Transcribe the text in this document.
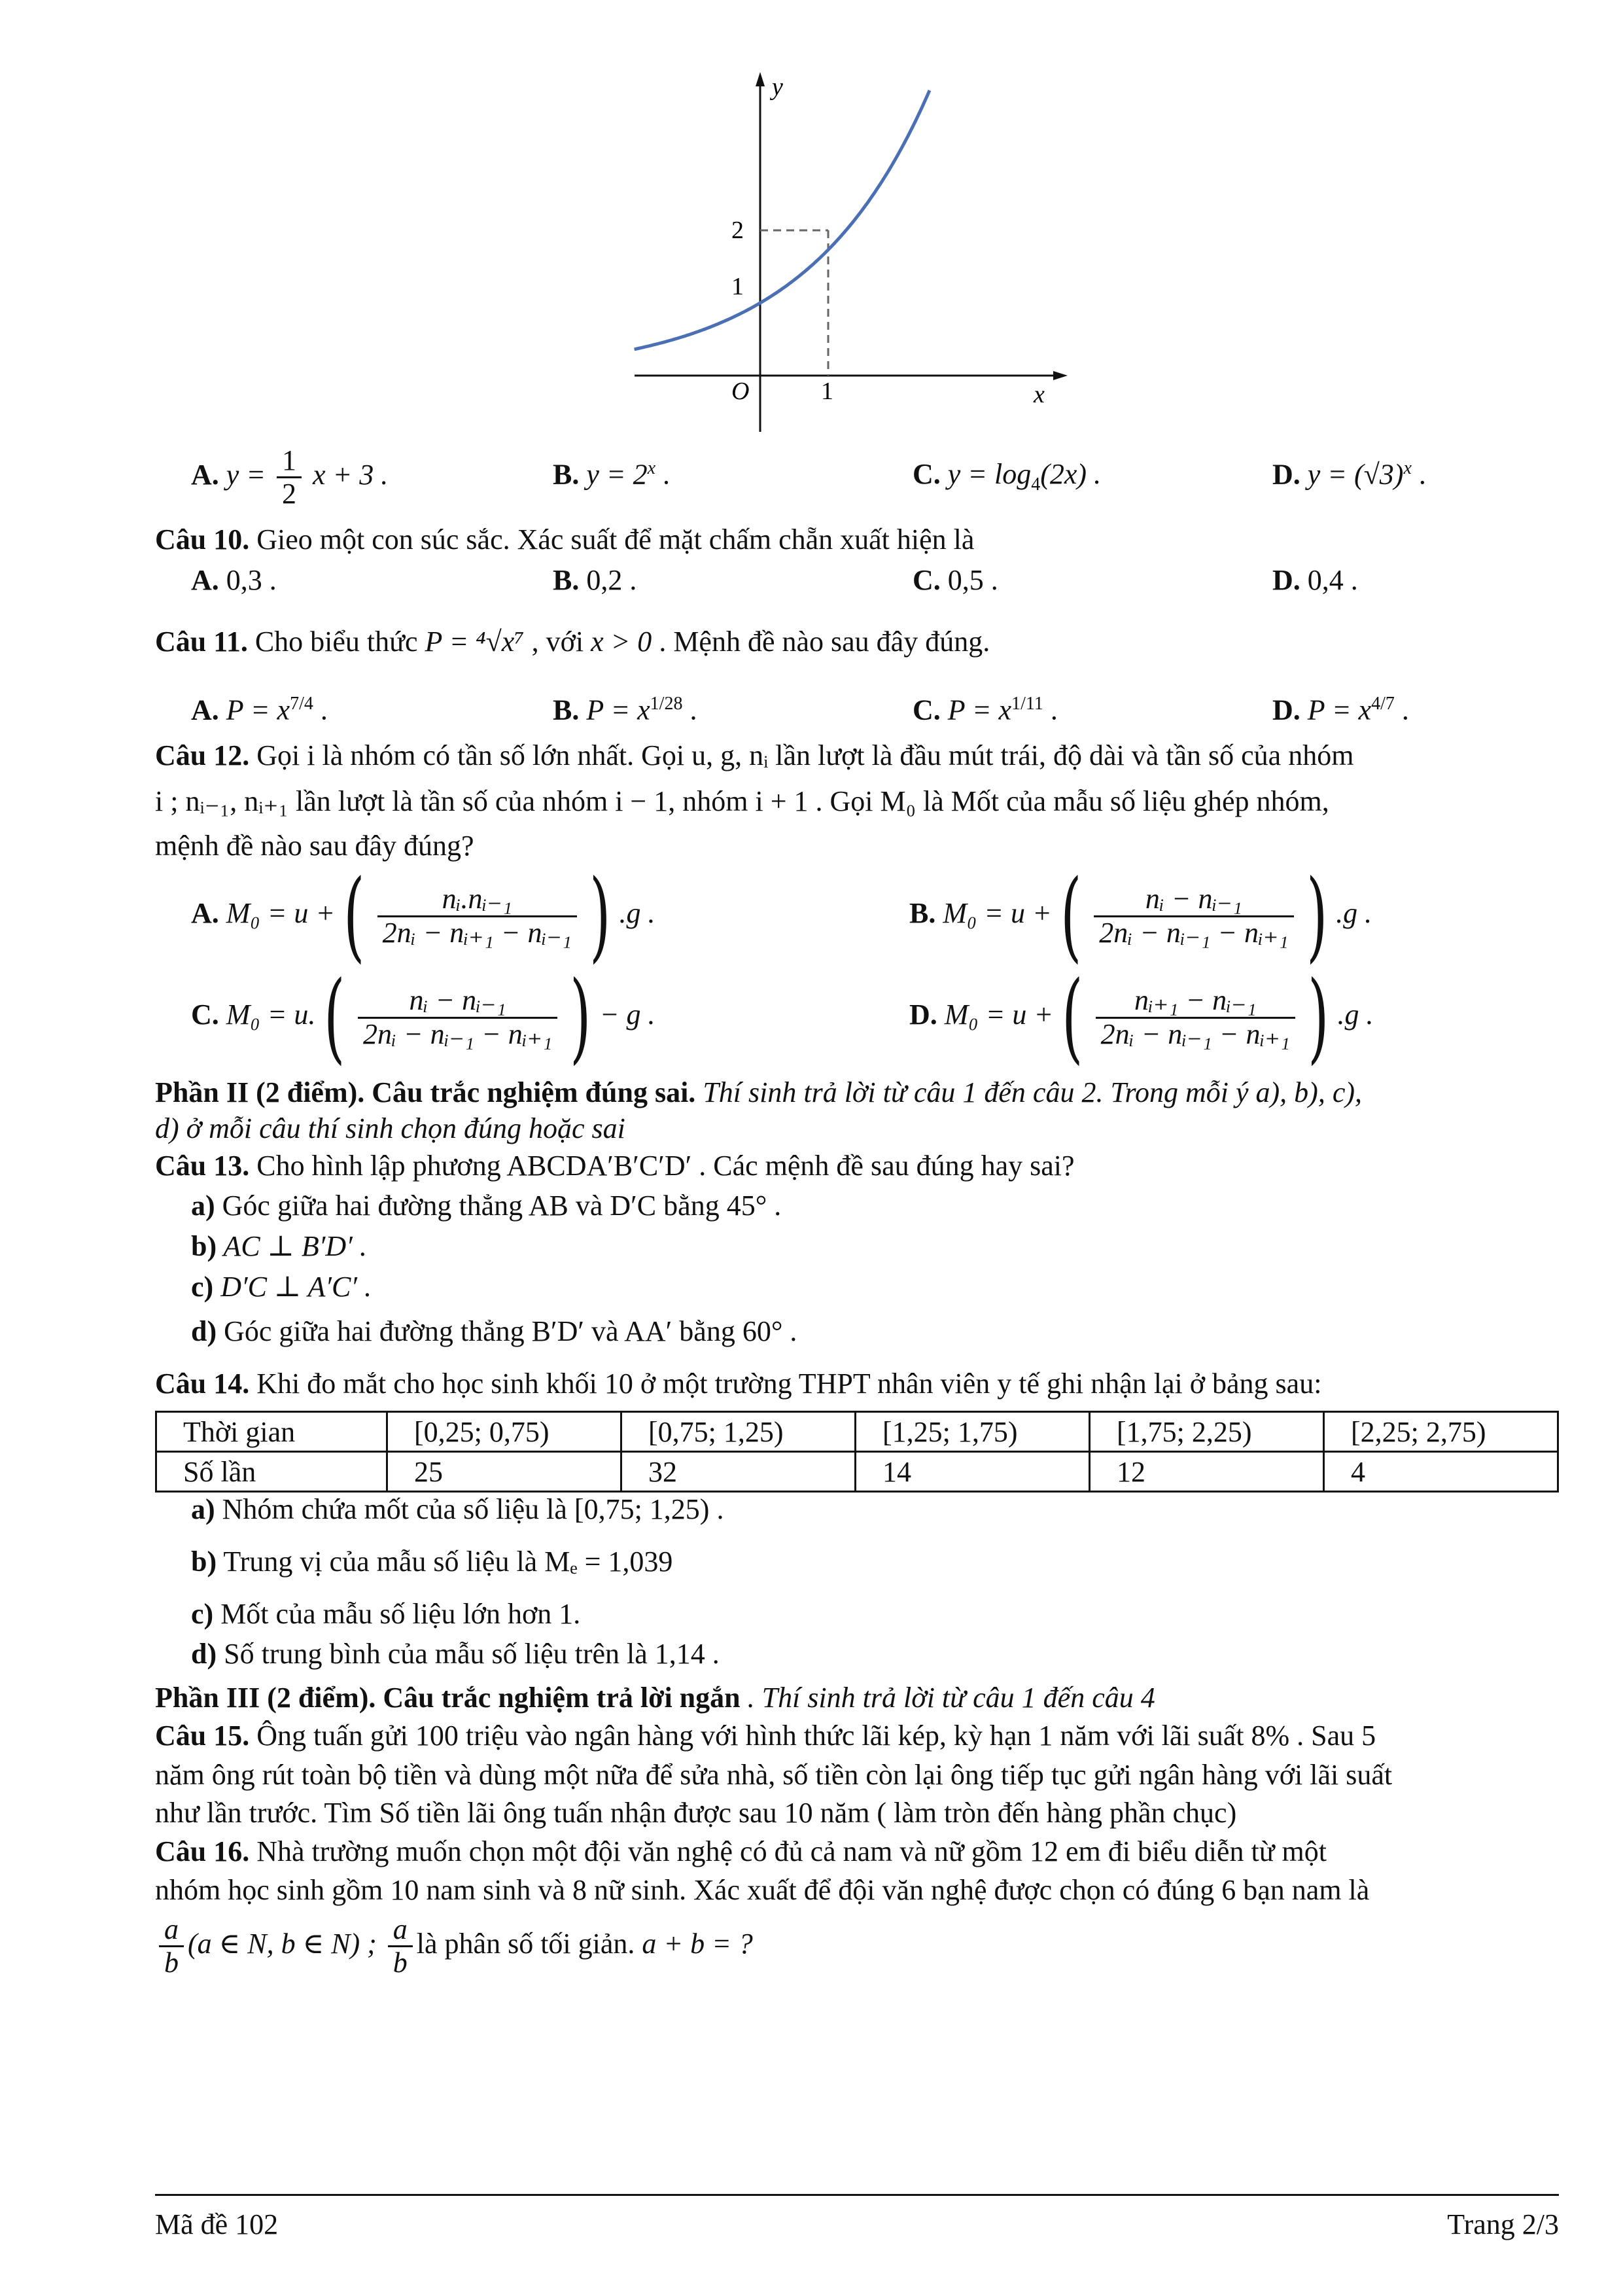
y
x
O
2
1
1
A. $y = \frac{1}{2}$ x + 3 .	B. $y = 2^x$ .	C. $y = \log_4(2x)$ .	D. $y = (√3)^x$ .
Câu 10. Gieo một con súc sắc. Xác suất để mặt chấm chẵn xuất hiện là
A. 0,3 .	B. 0,2 .	C. 0,5 .	D. 0,4 .
Câu 11. Cho biểu thức P = ⁴√x⁷ , với x > 0 . Mệnh đề nào sau đây đúng.
A. $P = x^{7/4}$ .	B. $P = x^{1/28}$ .	C. $P = x^{1/11}$ .	D. $P = x^{4/7}$ .
Câu 12. Gọi i là nhóm có tần số lớn nhất. Gọi u, g, nᵢ lần lượt là đầu mút trái, độ dài và tần số của nhóm
i ; nᵢ₋₁, nᵢ₊₁ lần lượt là tần số của nhóm i − 1, nhóm i + 1 . Gọi M₀ là Mốt của mẫu số liệu ghép nhóm,
mệnh đề nào sau đây đúng?
A. M₀ = u +( $\frac{\text{nᵢ.nᵢ₋₁}}{\text{2nᵢ − nᵢ₊₁ − nᵢ₋₁}}$ ) .g .	B. M₀ = u +( $\frac{\text{nᵢ − nᵢ₋₁}}{\text{2nᵢ − nᵢ₋₁ − nᵢ₊₁}}$ ) .g .
C. $M_0 = u.( \frac{\text{nᵢ − nᵢ₋₁}}{\text{2nᵢ − nᵢ₋₁ − nᵢ₊₁}}$ ) − g .	D. M₀ = u +( $\frac{\text{nᵢ₊₁ − nᵢ₋₁}}{\text{2nᵢ − nᵢ₋₁ − nᵢ₊₁}}$ ) .g .
Phần II (2 điểm). Câu trắc nghiệm đúng sai. Thí sinh trả lời từ câu 1 đến câu 2. Trong mỗi ý a), b), c),
d) ở mỗi câu thí sinh chọn đúng hoặc sai
Câu 13. Cho hình lập phương ABCDA′B′C′D′ . Các mệnh đề sau đúng hay sai?
a) Góc giữa hai đường thẳng AB và D′C bằng 45° .
b) AC ⊥ B′D′ .
c) D′C ⊥ A′C′ .
d) Góc giữa hai đường thẳng B′D′ và AA′ bằng 60° .
Câu 14. Khi đo mắt cho học sinh khối 10 ở một trường THPT nhân viên y tế ghi nhận lại ở bảng sau:
Thời gian	[0,25; 0,75)	[0,75; 1,25)	[1,25; 1,75)	[1,75; 2,25)	[2,25; 2,75)
Số lần	25	32	14	12	4
a) Nhóm chứa mốt của số liệu là [0,75; 1,25) .
b) Trung vị của mẫu số liệu là Mₑ = 1,039
c) Mốt của mẫu số liệu lớn hơn 1.
d) Số trung bình của mẫu số liệu trên là 1,14 .
Phần III (2 điểm). Câu trắc nghiệm trả lời ngắn . Thí sinh trả lời từ câu 1 đến câu 4
Câu 15. Ông tuấn gửi 100 triệu vào ngân hàng với hình thức lãi kép, kỳ hạn 1 năm với lãi suất 8% . Sau 5
năm ông rút toàn bộ tiền và dùng một nữa để sửa nhà, số tiền còn lại ông tiếp tục gửi ngân hàng với lãi suất
như lần trước. Tìm Số tiền lãi ông tuấn nhận được sau 10 năm ( làm tròn đến hàng phần chục)
Câu 16. Nhà trường muốn chọn một đội văn nghệ có đủ cả nam và nữ gồm 12 em đi biểu diễn từ một
nhóm học sinh gồm 10 nam sinh và 8 nữ sinh. Xác xuất để đội văn nghệ được chọn có đúng 6 bạn nam là
$\frac{a}{b} (a$ ∈ N, b ∈ N) ; $\frac{a}{b}$ là phân số tối giản. a + b = ?
Mã đề 102	Trang 2/3
